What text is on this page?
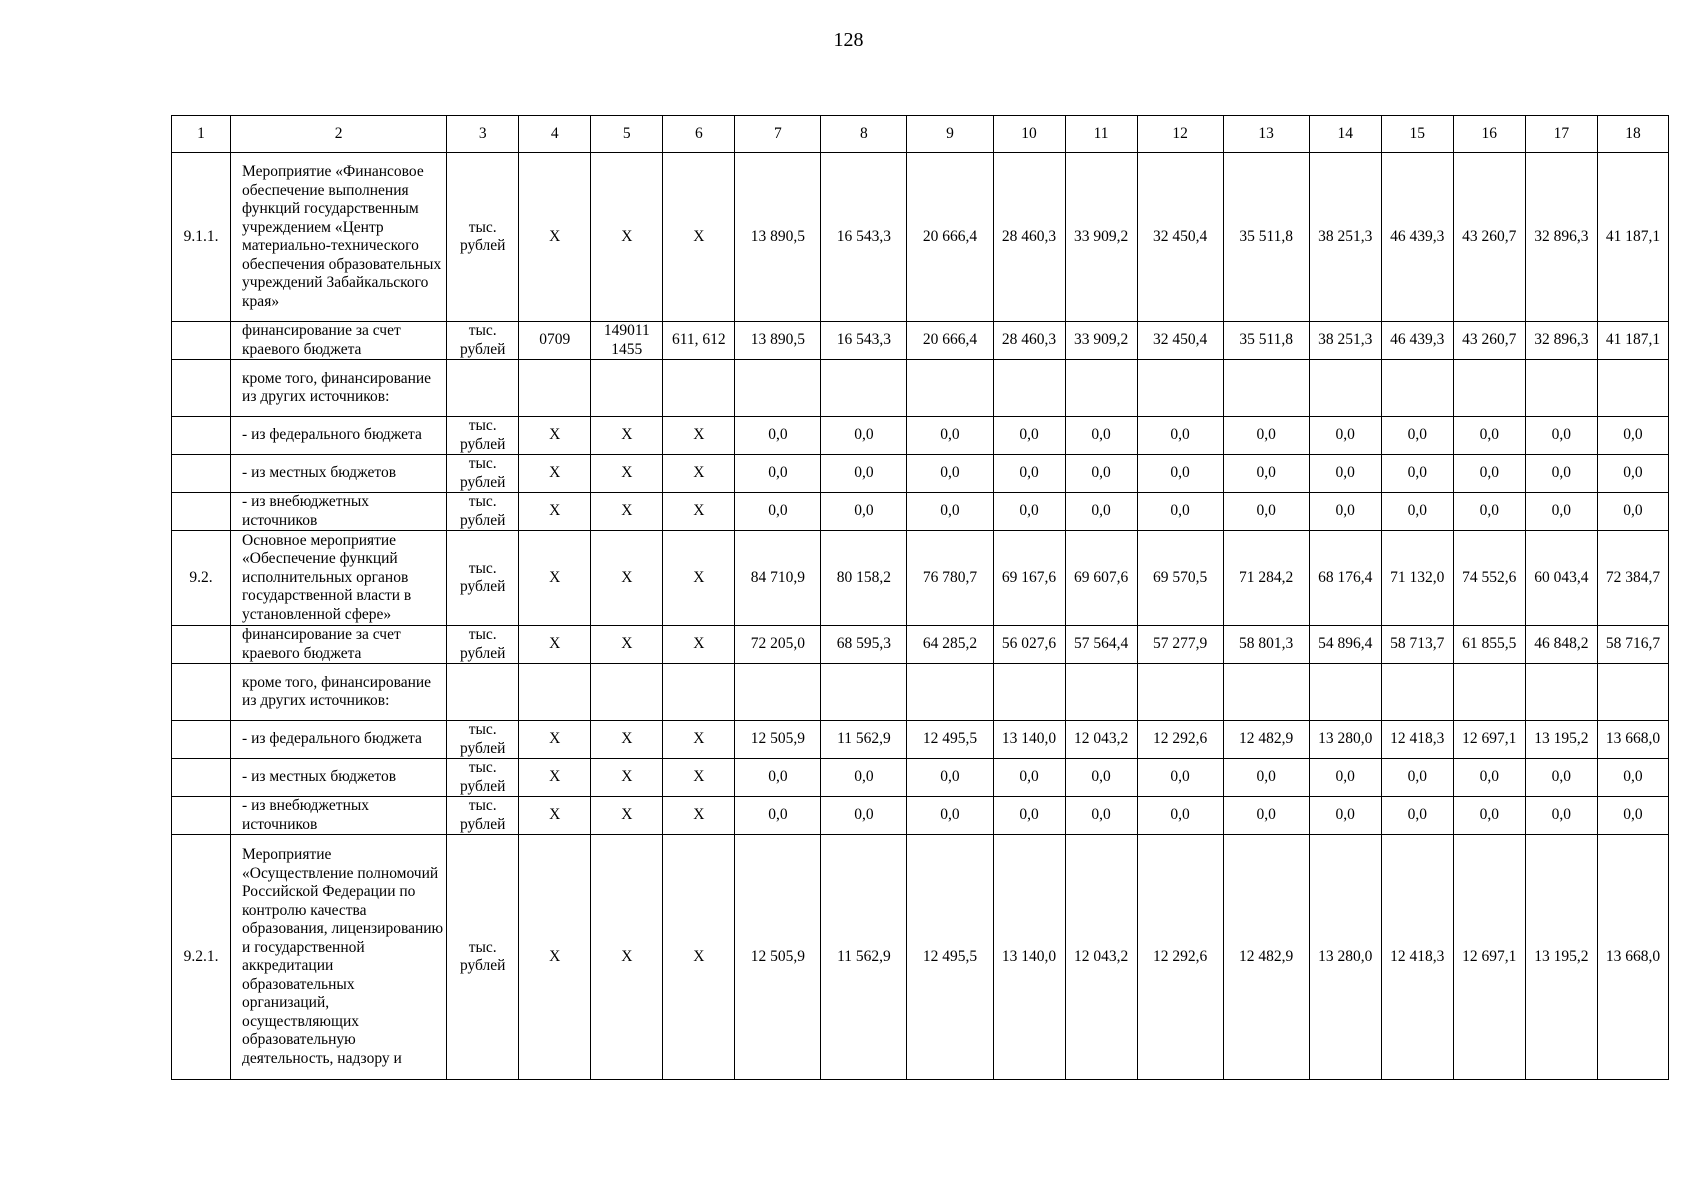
128
1	2	3	4	5	6	7	8	9	10	11	12	13	14	15	16	17	18
9.1.1.	Мероприятие «Финансовое обеспечение выполнения функций государственным учреждением «Центр материально-технического обеспечения образовательных учреждений Забайкальского края»	тыс. рублей	Х	Х	Х	13 890,5	16 543,3	20 666,4	28 460,3	33 909,2	32 450,4	35 511,8	38 251,3	46 439,3	43 260,7	32 896,3	41 187,1
	финансирование за счет краевого бюджета	тыс. рублей	0709	149011 1455	611, 612	13 890,5	16 543,3	20 666,4	28 460,3	33 909,2	32 450,4	35 511,8	38 251,3	46 439,3	43 260,7	32 896,3	41 187,1
	кроме того, финансирование из других источников:																
	- из федерального бюджета	тыс. рублей	Х	Х	Х	0,0	0,0	0,0	0,0	0,0	0,0	0,0	0,0	0,0	0,0	0,0	0,0
	- из местных бюджетов	тыс. рублей	Х	Х	Х	0,0	0,0	0,0	0,0	0,0	0,0	0,0	0,0	0,0	0,0	0,0	0,0
	- из внебюджетных источников	тыс. рублей	Х	Х	Х	0,0	0,0	0,0	0,0	0,0	0,0	0,0	0,0	0,0	0,0	0,0	0,0
9.2.	Основное мероприятие «Обеспечение функций исполнительных органов государственной власти в установленной сфере»	тыс. рублей	Х	Х	Х	84 710,9	80 158,2	76 780,7	69 167,6	69 607,6	69 570,5	71 284,2	68 176,4	71 132,0	74 552,6	60 043,4	72 384,7
	финансирование за счет краевого бюджета	тыс. рублей	Х	Х	Х	72 205,0	68 595,3	64 285,2	56 027,6	57 564,4	57 277,9	58 801,3	54 896,4	58 713,7	61 855,5	46 848,2	58 716,7
	кроме того, финансирование из других источников:																
	- из федерального бюджета	тыс. рублей	Х	Х	Х	12 505,9	11 562,9	12 495,5	13 140,0	12 043,2	12 292,6	12 482,9	13 280,0	12 418,3	12 697,1	13 195,2	13 668,0
	- из местных бюджетов	тыс. рублей	Х	Х	Х	0,0	0,0	0,0	0,0	0,0	0,0	0,0	0,0	0,0	0,0	0,0	0,0
	- из внебюджетных источников	тыс. рублей	Х	Х	Х	0,0	0,0	0,0	0,0	0,0	0,0	0,0	0,0	0,0	0,0	0,0	0,0
9.2.1.	Мероприятие «Осуществление полномочий Российской Федерации по контролю качества образования, лицензированию и государственной аккредитации образовательных организаций, осуществляющих образовательную деятельность, надзору и	тыс. рублей	Х	Х	Х	12 505,9	11 562,9	12 495,5	13 140,0	12 043,2	12 292,6	12 482,9	13 280,0	12 418,3	12 697,1	13 195,2	13 668,0
